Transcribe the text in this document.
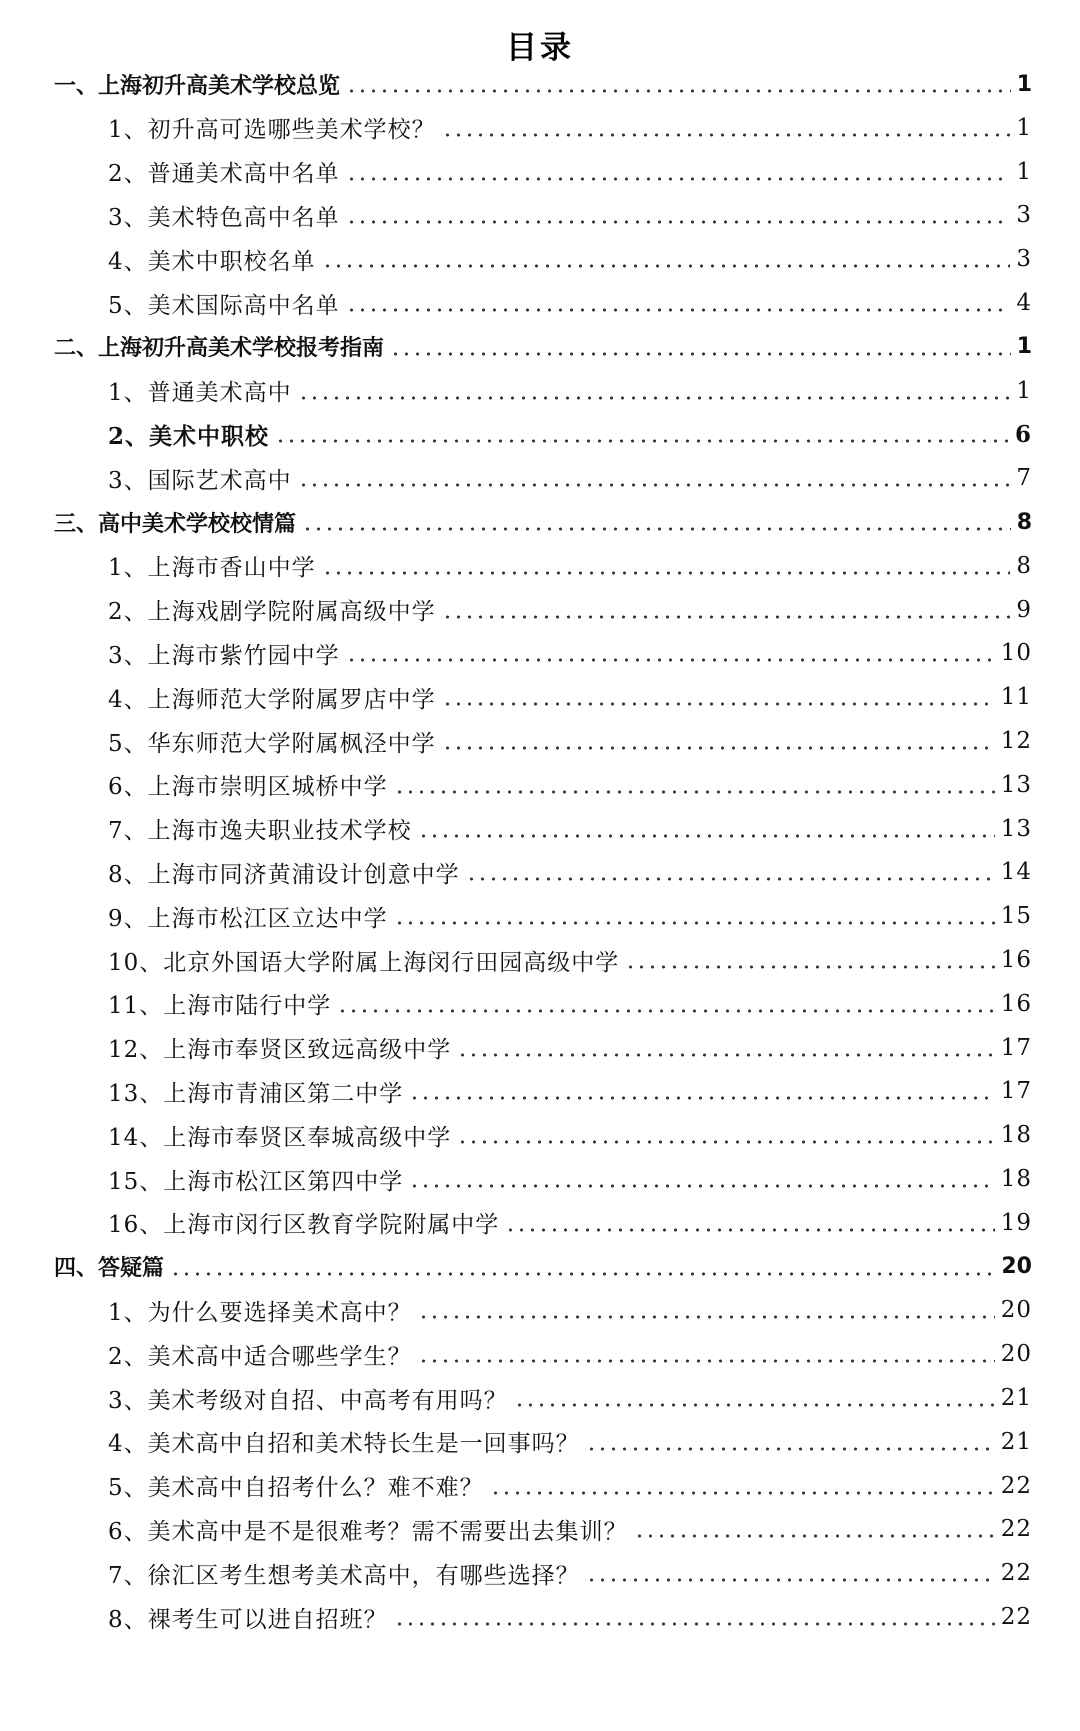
目录
一、上海初升高美术学校总览	1
1、初升高可选哪些美术学校？	1
2、普通美术高中名单	1
3、美术特色高中名单	3
4、美术中职校名单	3
5、美术国际高中名单	4
二、上海初升高美术学校报考指南	1
1、普通美术高中	1
2、美术中职校	6
3、国际艺术高中	7
三、高中美术学校校情篇	8
1、上海市香山中学	8
2、上海戏剧学院附属高级中学	9
3、上海市紫竹园中学	10
4、上海师范大学附属罗店中学	11
5、华东师范大学附属枫泾中学	12
6、上海市崇明区城桥中学	13
7、上海市逸夫职业技术学校	13
8、上海市同济黄浦设计创意中学	14
9、上海市松江区立达中学	15
10、北京外国语大学附属上海闵行田园高级中学	16
11、上海市陆行中学	16
12、上海市奉贤区致远高级中学	17
13、上海市青浦区第二中学	17
14、上海市奉贤区奉城高级中学	18
15、上海市松江区第四中学	18
16、上海市闵行区教育学院附属中学	19
四、答疑篇	20
1、为什么要选择美术高中？	20
2、美术高中适合哪些学生？	20
3、美术考级对自招、中高考有用吗？	21
4、美术高中自招和美术特长生是一回事吗？	21
5、美术高中自招考什么？难不难？	22
6、美术高中是不是很难考？需不需要出去集训？	22
7、徐汇区考生想考美术高中，有哪些选择？	22
8、裸考生可以进自招班？	22
